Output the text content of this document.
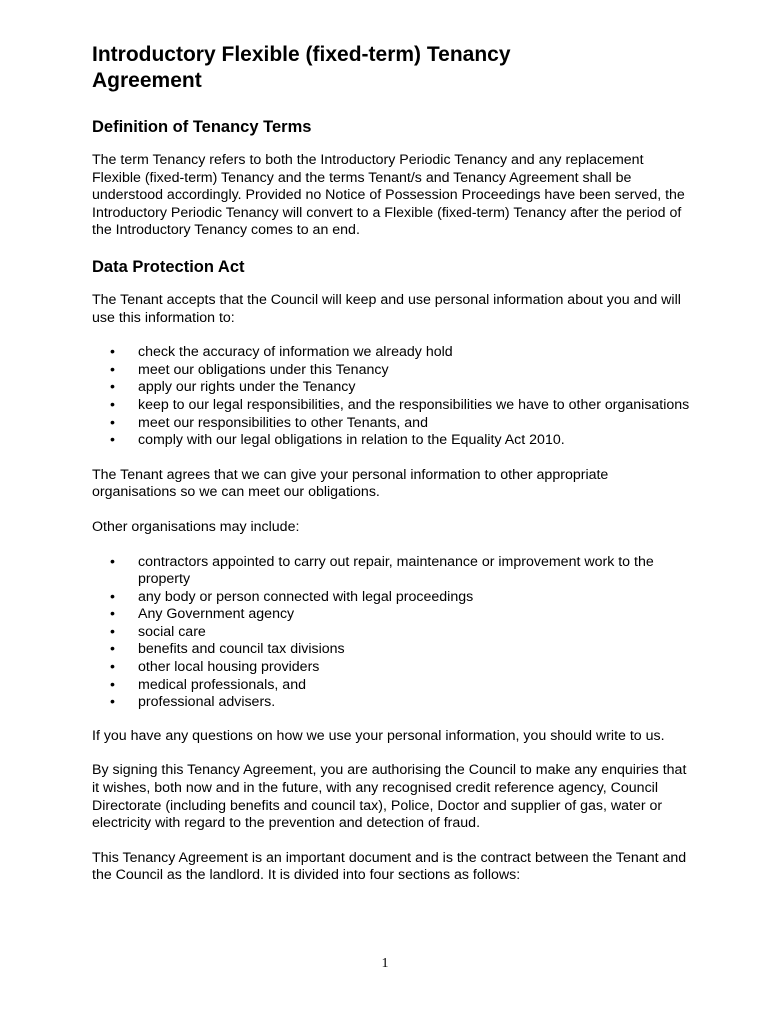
Introductory Flexible (fixed-term) Tenancy Agreement
Definition of Tenancy Terms

The term Tenancy refers to both the Introductory Periodic Tenancy and any replacement Flexible (fixed-term) Tenancy and the terms Tenant/s and Tenancy Agreement shall be understood accordingly. Provided no Notice of Possession Proceedings have been served, the Introductory Periodic Tenancy will convert to a Flexible (fixed-term) Tenancy after the period of the Introductory Tenancy comes to an end.

Data Protection Act

The Tenant accepts that the Council will keep and use personal information about you and will use this information to:

• check the accuracy of information we already hold
• meet our obligations under this Tenancy
• apply our rights under the Tenancy
• keep to our legal responsibilities, and the responsibilities we have to other organisations
• meet our responsibilities to other Tenants, and
• comply with our legal obligations in relation to the Equality Act 2010.

The Tenant agrees that we can give your personal information to other appropriate organisations so we can meet our obligations.

Other organisations may include:

• contractors appointed to carry out repair, maintenance or improvement work to the property
• any body or person connected with legal proceedings
• Any Government agency
• social care
• benefits and council tax divisions
• other local housing providers
• medical professionals, and
• professional advisers.

If you have any questions on how we use your personal information, you should write to us.

By signing this Tenancy Agreement, you are authorising the Council to make any enquiries that it wishes, both now and in the future, with any recognised credit reference agency, Council Directorate (including benefits and council tax), Police, Doctor and supplier of gas, water or electricity with regard to the prevention and detection of fraud.

This Tenancy Agreement is an important document and is the contract between the Tenant and the Council as the landlord. It is divided into four sections as follows:

1
